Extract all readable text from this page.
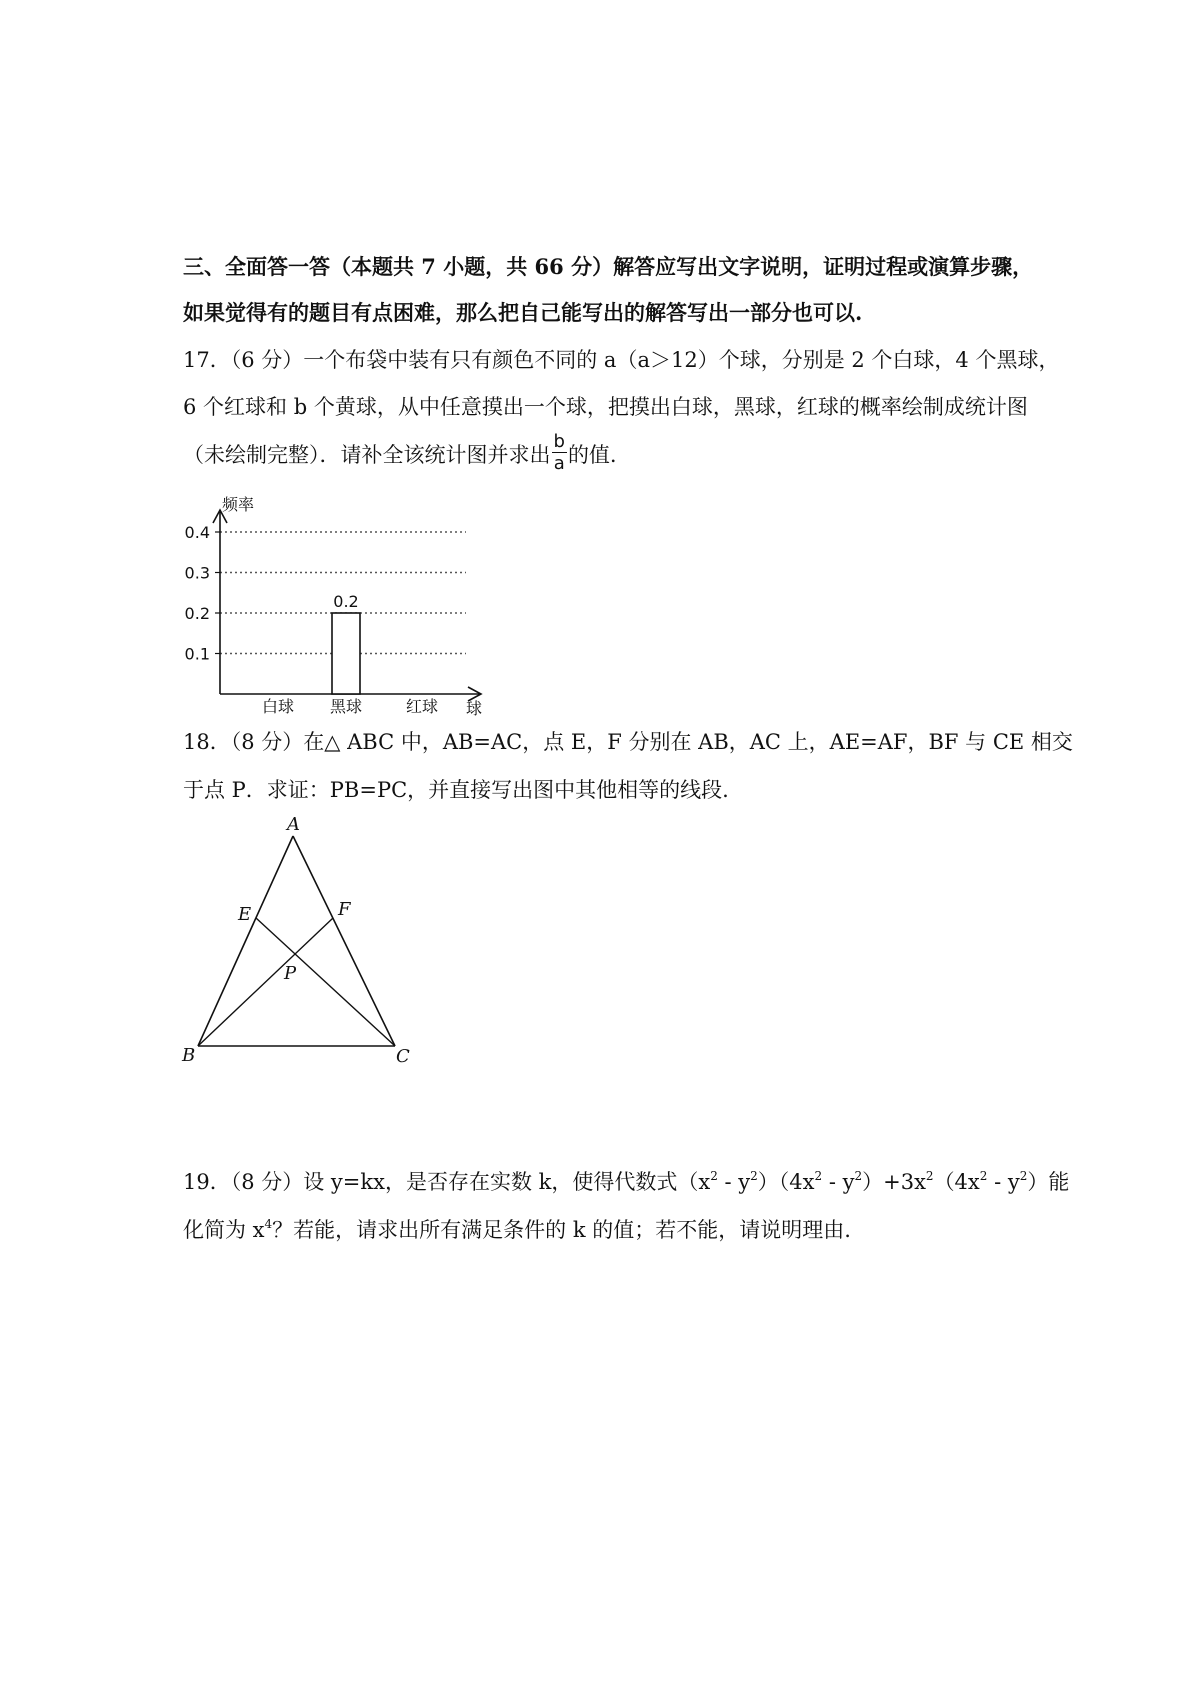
三、全面答一答（本题共 7 小题，共 66 分）解答应写出文字说明，证明过程或演算步骤，
如果觉得有的题目有点困难，那么把自己能写出的解答写出一部分也可以.
17．（6 分）一个布袋中装有只有颜色不同的 a（a＞12）个球，分别是 2 个白球，4 个黑球，
6 个红球和 b 个黄球，从中任意摸出一个球，把摸出白球，黑球，红球的概率绘制成统计图
（未绘制完整）．请补全该统计图并求出 $\frac{b}{a}$ 的值.
频率
球
0.1
0.2
0.3
0.4
白球 黑球	红球
0.2
18．（8 分）在△ ABC 中，AB=AC，点 E，F 分别在 AB，AC 上，AE=AF，BF 与 CE 相交
于点 P．求证：PB=PC，并直接写出图中其他相等的线段.
A
E	F
P
B	C
19．（8 分）设 y=kx，是否存在实数 k，使得代数式$(x^2 - y^2)(4x^2 - y^2)+3x^2(4x^2 - y^2)$能
化简为 $x^4$？若能，请求出所有满足条件的 k 的值；若不能，请说明理由.
